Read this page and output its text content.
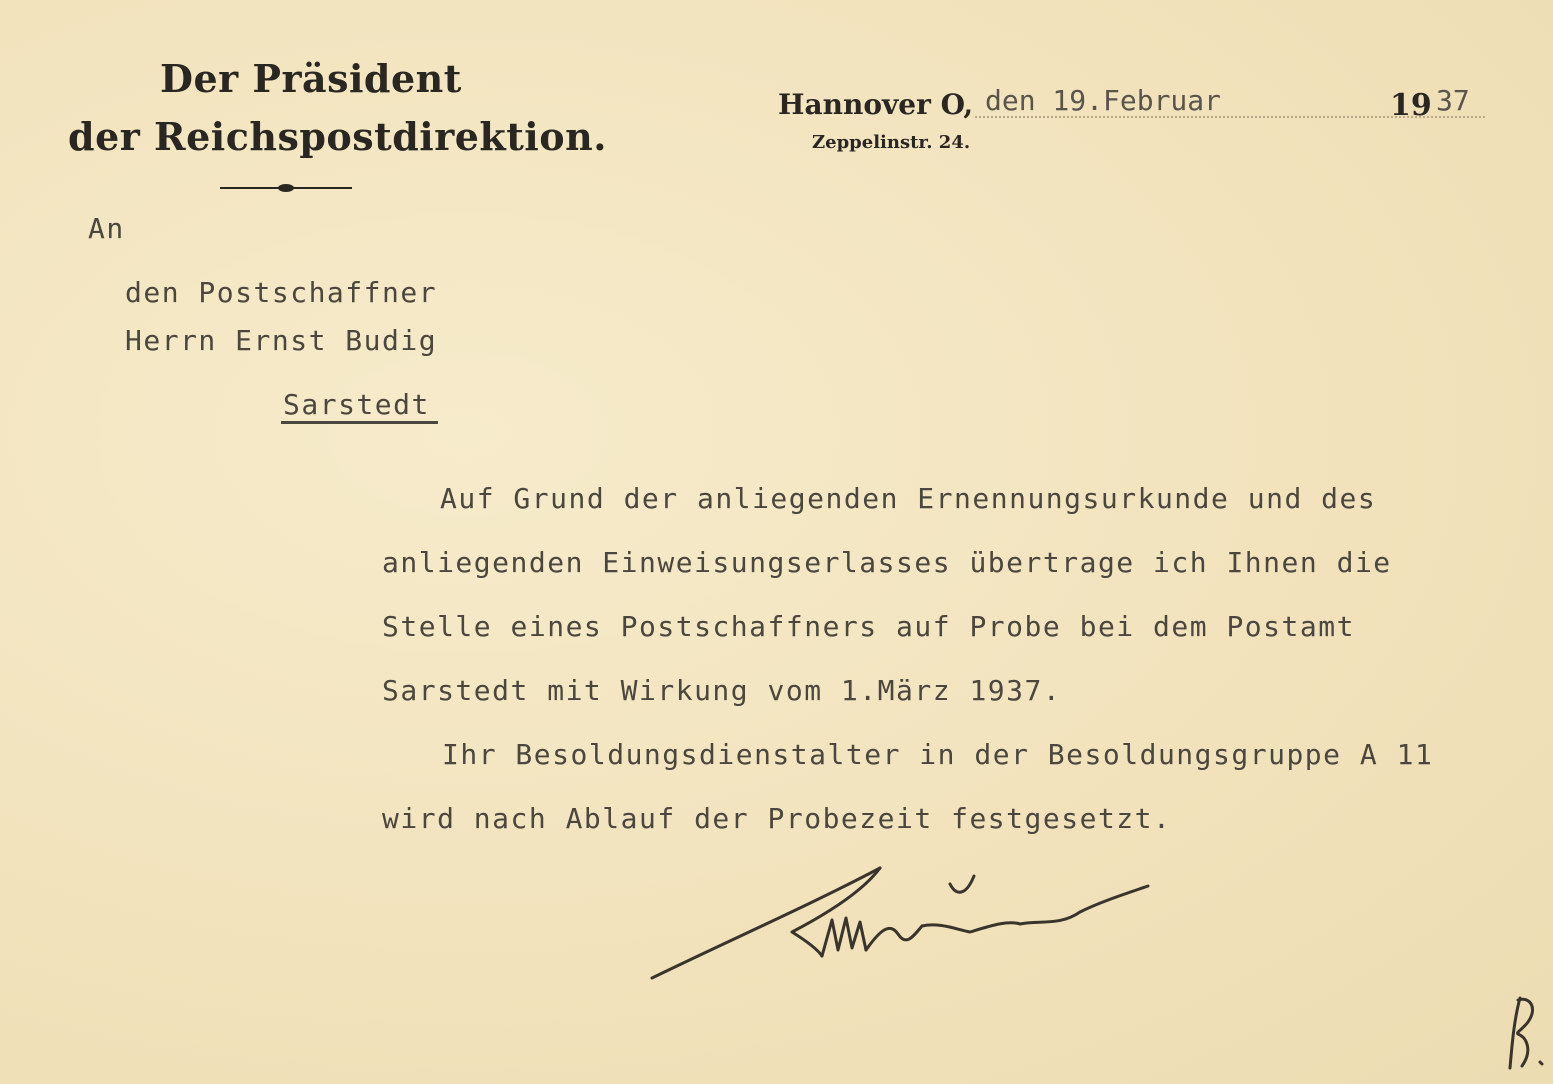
Der Präsident
der Reichspostdirektion.
Hannover O,
Zeppelinstr. 24.
den 19.Februar	19 37
An
den Postschaffner
Herrn Ernst Budig
Sarstedt
Auf Grund der anliegenden Ernennungsurkunde und des
anliegenden Einweisungserlasses übertrage ich Ihnen die
Stelle eines Postschaffners auf Probe bei dem Postamt
Sarstedt mit Wirkung vom 1.März 1937.
Ihr Besoldungsdienstalter in der Besoldungsgruppe A 11
wird nach Ablauf der Probezeit festgesetzt.
